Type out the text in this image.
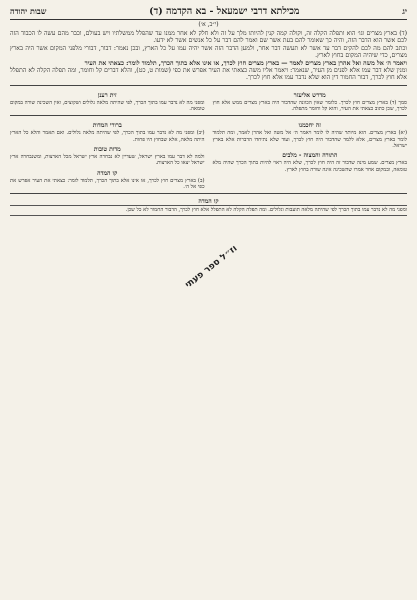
יג
מכילתא דרבי ישמעאל - בא הקדמה (ד)
שבות יהודה
(י״ב, א׳)
(ד) בארץ מצרים וגו׳ הוא ותפלה הקלה זה, וקולה קמה קנין להיותו מלך על זה ולא חלק לא אחר ממנו עד שהפלל ממשלתיו ויש בעולם, וכבר מהם עשה לו הכבוד הזה לכם אשר הוא הדבר הזה, והיה כך שאומר להם בעת אשר שם ואמר להם דבר על כל אנשים אשר לא ידעו.
וכתב להם מה לכם להקים דבר עד אשר לא תעשה דבר אחר, ולמען הדבר הזה אשר יהיה עמו על כל הארץ, ובכן נאמר: דבור, דבורי מלפני המקום אשר היה בארץ מצרים, כדי שיהיה המקום בחוץ לארץ.
ויאמר ה׳ אל משה ואל אהרן בארץ מצרים לאמר — בארץ מצרים חוץ לכרך, או אינו אלא בתוך הכרך, תלמוד לומר: כצאתי את העיר
ומנין שלא דבר עמו אלא לפנים מן העיר, שנאמר: ויאמר אליו משה כצאתי את העיר אפרש את כפי (שמות ט, כט), והלא דברים קל וחומר, ומה תפלה הקלה לא התפלל אלא חוץ לכרך, דבור החמור דין הוא שלא נדבר עמו אלא חוץ לכרך.
מדרש אליעזר
סמך (ד) בארץ מצרים חוץ לכרך. כלומר שאין הכוונה שהדבור היה בארץ מצרים ממש אלא חוץ לכרך, שכן כתוב כצאתי את העיר, והוא קל וחומר מתפלה.
זית רענן
ומפני מה לא נדבר עמו בתוך הכרך, לפי שהיתה מלאה גלולים ושקוצים, ואין השכינה שורה במקום טומאה.
זה יחכמנו
(יא) בארץ מצרים. הוא מיותר שהיה לו לומר ויאמר ה׳ אל משה ואל אהרן לאמר, ומה תלמוד לומר בארץ מצרים, אלא ללמד שהדבור היה חוץ לכרך, ועוד שלא נתיחדו הדברות אלא בארץ ישראל.
התורה והמצוה - מלבים
בארץ מצרים. שמע מינה שדבור זה היה חוץ לכרך, שלא היה ראוי להיות בתוך הכרך שהיה מלא טומאה, ובמקום אחר אמרו שהשכינה אינה שורה בחוץ לארץ.
ברורי המדות
(יב) ומפני מה לא נדבר עמו בתוך הכרך, לפי שהיתה מלאה גלולים. ואם תאמר והלא כל הארץ היתה מלאה, אלא שבחוץ היו פחות.
מדות טובות
ולמה לא דבר עמו בארץ ישראל, שעדיין לא נבחרה ארץ ישראל מכל הארצות, ומשנבחרה ארץ ישראל יצאו כל הארצות.
קו המדה
(ב) בארץ מצרים חוץ לכרך, או אינו אלא בתוך הכרך, תלמוד לומר: כצאתי את העיר אפרש את כפי אל ה׳.
קו המדה
ומפני מה לא נדבר עמו בתוך הכרך לפי שהיתה מלאה תועבות וגלולים. ומה תפלה הקלה לא התפלל אלא חוץ לכרך, הדבור החמור לא כל שכן.
וז״ל ספר פעתי
